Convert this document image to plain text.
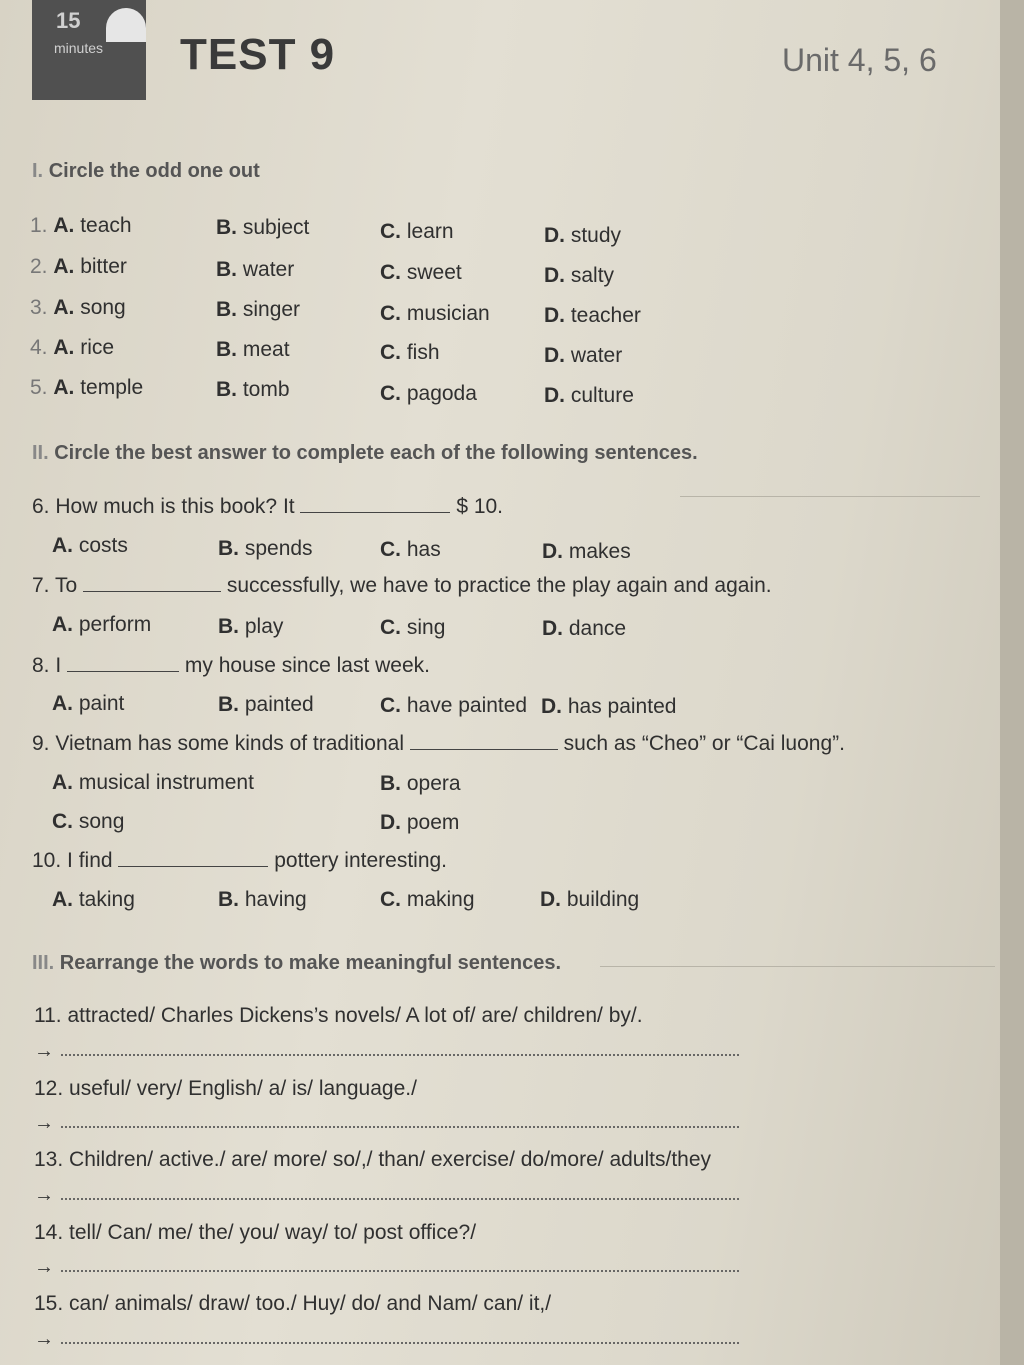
15
minutes TEST 9	Unit 4, 5, 6
I. Circle the odd one out
1. A. teach	B. subject	C. learn	D. study
2. A. bitter	B. water	C. sweet	D. salty
3. A. song	B. singer	C. musician	D. teacher
4. A. rice	B. meat	C. fish	D. water
5. A. temple	B. tomb	C. pagoda	D. culture
II. Circle the best answer to complete each of the following sentences.
6. How much is this book? It	$ 10.
A. costs	B. spends	C. has	D. makes
7. To	successfully, we have to practice the play again and again.
A. perform	B. play	C. sing	D. dance
8. I	my house since last week.
A. paint	B. painted	C. have painted D. has painted
9. Vietnam has some kinds of traditional	such as “Cheo” or “Cai luong”.
A. musical instrument	B. opera
C. song	D. poem
10. I find	pottery interesting.
A. taking	B. having	C. making	D. building
III. Rearrange the words to make meaningful sentences.
11. attracted/ Charles Dickens’s novels/ A lot of/ are/ children/ by/.
→
12. useful/ very/ English/ a/ is/ language./
→
13. Children/ active./ are/ more/ so/,/ than/ exercise/ do/more/ adults/they
→
14. tell/ Can/ me/ the/ you/ way/ to/ post office?/
→
15. can/ animals/ draw/ too./ Huy/ do/ and Nam/ can/ it,/
→
